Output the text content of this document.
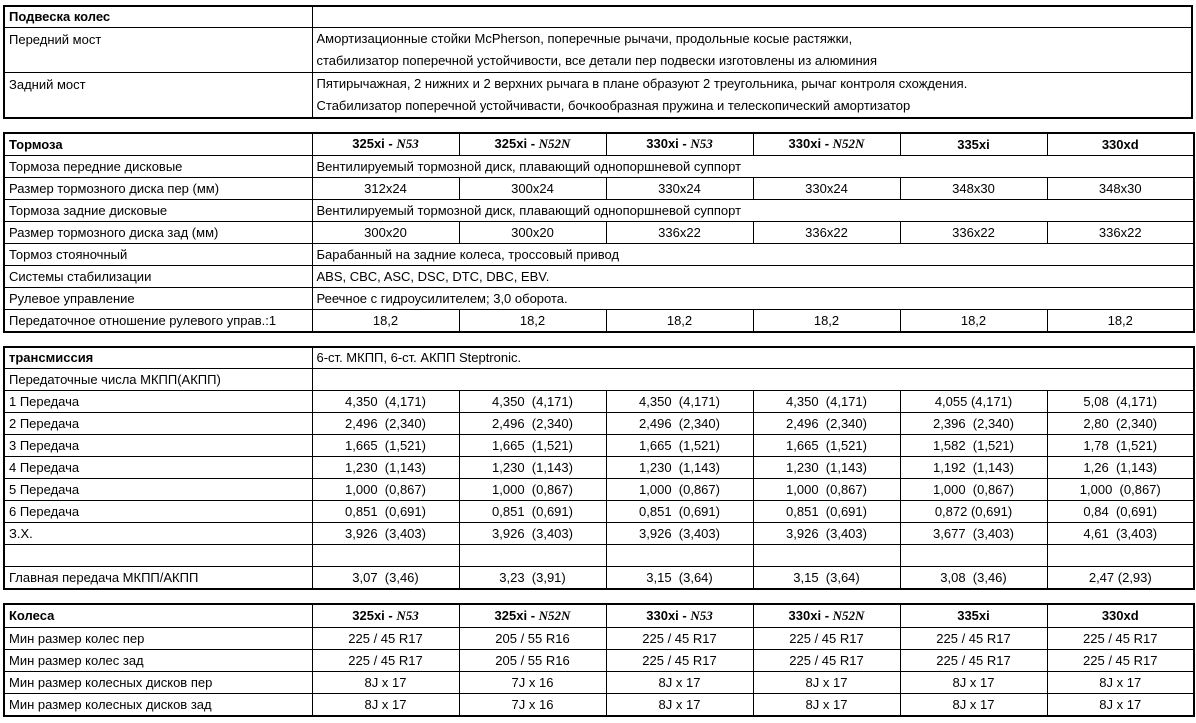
Подвеска колес	
Передний мост	Амортизационные стойки McPherson, поперечные рычачи, продольные косые растяжки,
стабилизатор поперечной устойчивости, все детали пер подвески изготовлены из алюминия

Задний мост	Пятирычажная, 2 нижних и 2 верхних рычага в плане образуют 2 треугольника, рычаг контроля схождения.
Стабилизатор поперечной устойчивасти, бочкообразная пружина и телескопический амортизатор
Тормоза	325xi - N53	325xi - N52N	330xi - N53	330xi - N52N	335xi	330xd
Тормоза передние дисковые	Вентилируемый тормозной диск, плавающий однопоршневой суппорт					
Размер тормозного диска пер (мм)	312x24	300x24	330x24	330x24	348x30	348x30
Тормоза задние дисковые	Вентилируемый тормозной диск, плавающий однопоршневой суппорт					
Размер тормозного диска зад (мм)	300x20	300x20	336x22	336x22	336x22	336x22
Тормоз стояночный	Барабанный на задние колеса, троссовый привод					
Системы стабилизации	ABS, CBC, ASC, DSC, DTC, DBC, EBV.					
Рулевое управление	Реечное с гидроусилителем; 3,0 оборота.					
Передаточное отношение рулевого управ.:1	18,2	18,2	18,2	18,2	18,2	18,2
трансмиссия	6-ст. МКПП, 6-ст. АКПП Steptronic.					
Передаточные числа МКПП(АКПП)						
1 Передача	4,350  (4,171)	4,350  (4,171)	4,350  (4,171)	4,350  (4,171)	4,055 (4,171)	5,08  (4,171)
2 Передача	2,496  (2,340)	2,496  (2,340)	2,496  (2,340)	2,496  (2,340)	2,396  (2,340)	2,80  (2,340)
3 Передача	1,665  (1,521)	1,665  (1,521)	1,665  (1,521)	1,665  (1,521)	1,582  (1,521)	1,78  (1,521)
4 Передача	1,230  (1,143)	1,230  (1,143)	1,230  (1,143)	1,230  (1,143)	1,192  (1,143)	1,26  (1,143)
5 Передача	1,000  (0,867)	1,000  (0,867)	1,000  (0,867)	1,000  (0,867)	1,000  (0,867)	1,000  (0,867)
6 Передача	0,851  (0,691)	0,851  (0,691)	0,851  (0,691)	0,851  (0,691)	0,872 (0,691)	0,84  (0,691)
З.Х.	3,926  (3,403)	3,926  (3,403)	3,926  (3,403)	3,926  (3,403)	3,677  (3,403)	4,61  (3,403)

Главная передача МКПП/АКПП	3,07  (3,46)	3,23  (3,91)	3,15  (3,64)	3,15  (3,64)	3,08  (3,46)	2,47 (2,93)
Колеса	325xi - N53	325xi - N52N	330xi - N53	330xi - N52N	335xi	330xd
Мин размер колес пер	225 / 45 R17	205 / 55 R16	225 / 45 R17	225 / 45 R17	225 / 45 R17	225 / 45 R17
Мин размер колес зад	225 / 45 R17	205 / 55 R16	225 / 45 R17	225 / 45 R17	225 / 45 R17	225 / 45 R17
Мин размер колесных дисков пер	8J x 17	7J x 16	8J x 17	8J x 17	8J x 17	8J x 17
Мин размер колесных дисков зад	8J x 17	7J x 16	8J x 17	8J x 17	8J x 17	8J x 17
